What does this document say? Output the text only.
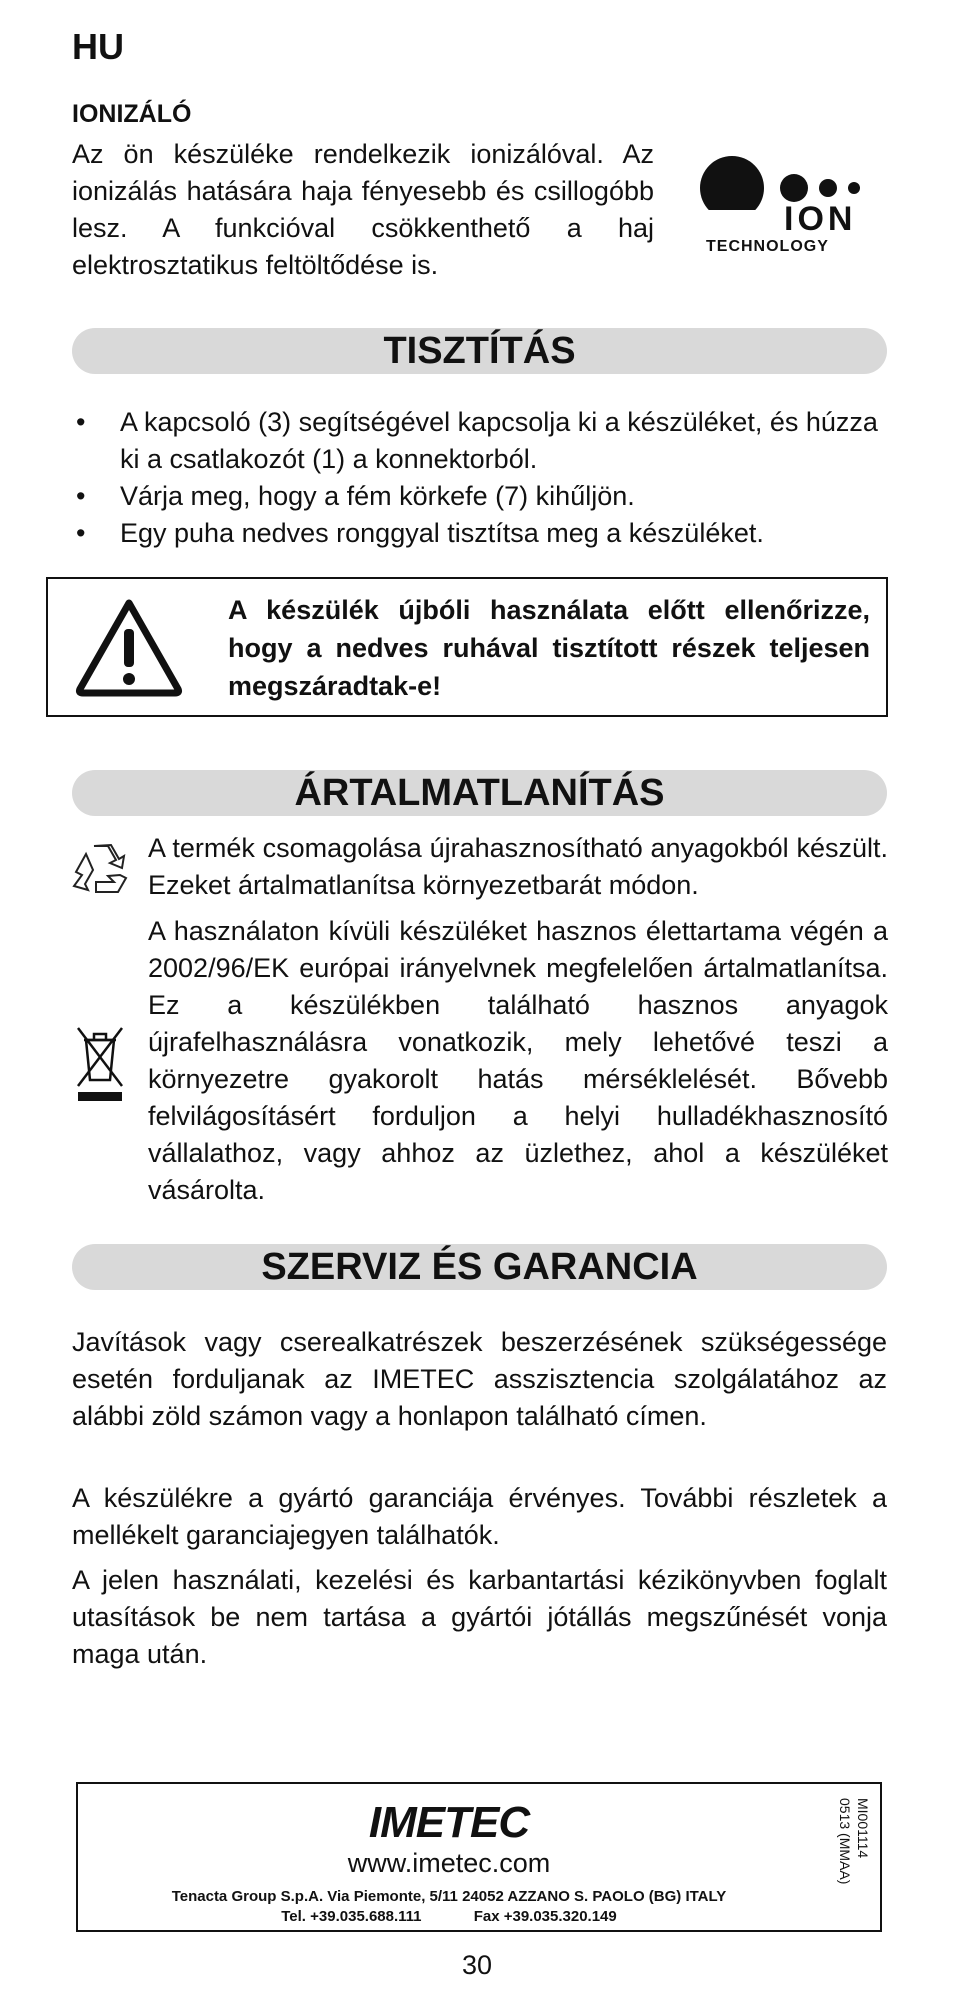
HU
IONIZÁLÓ
Az ön készüléke rendelkezik ionizálóval. Az ionizálás hatására haja fényesebb és csillogóbb lesz. A funkcióval csökkenthető a haj elektrosztatikus feltöltődése is.
ION
TECHNOLOGY
TISZTÍTÁS
• A kapcsoló (3) segítségével kapcsolja ki a készüléket, és húzza ki a csatlakozót (1) a konnektorból.
• Várja meg, hogy a fém körkefe (7) kihűljön.
• Egy puha nedves ronggyal tisztítsa meg a készüléket.
A készülék újbóli használata előtt ellenőrizze, hogy a nedves ruhával tisztított részek teljesen megszáradtak-e!
ÁRTALMATLANÍTÁS
A termék csomagolása újrahasznosítható anyagokból készült. Ezeket ártalmatlanítsa környezetbarát módon.
A használaton kívüli készüléket hasznos élettartama végén a 2002/96/EK európai irányelvnek megfelelően ártalmatlanítsa. Ez a készülékben található hasznos anyagok újrafelhasználásra vonatkozik, mely lehetővé teszi a környezetre gyakorolt hatás mérséklelését. Bővebb felvilágosításért forduljon a helyi hulladékhasznosító vállalathoz, vagy ahhoz az üzlethez, ahol a készüléket vásárolta.
SZERVIZ ÉS GARANCIA
Javítások vagy cserealkatrészek beszerzésének szükségessége esetén forduljanak az IMETEC asszisztencia szolgálatához az alábbi zöld számon vagy a honlapon található címen.
A készülékre a gyártó garanciája érvényes. További részletek a mellékelt garanciajegyen találhatók.
A jelen használati, kezelési és karbantartási kézikönyvben foglalt utasítások be nem tartása a gyártói jótállás megszűnését vonja maga után.
IMETEC
www.imetec.com
Tenacta Group S.p.A. Via Piemonte, 5/11 24052 AZZANO S. PAOLO (BG) ITALY
Tel. +39.035.688.111	Fax +39.035.320.149
MI001114
0513 (MMAA)
30
